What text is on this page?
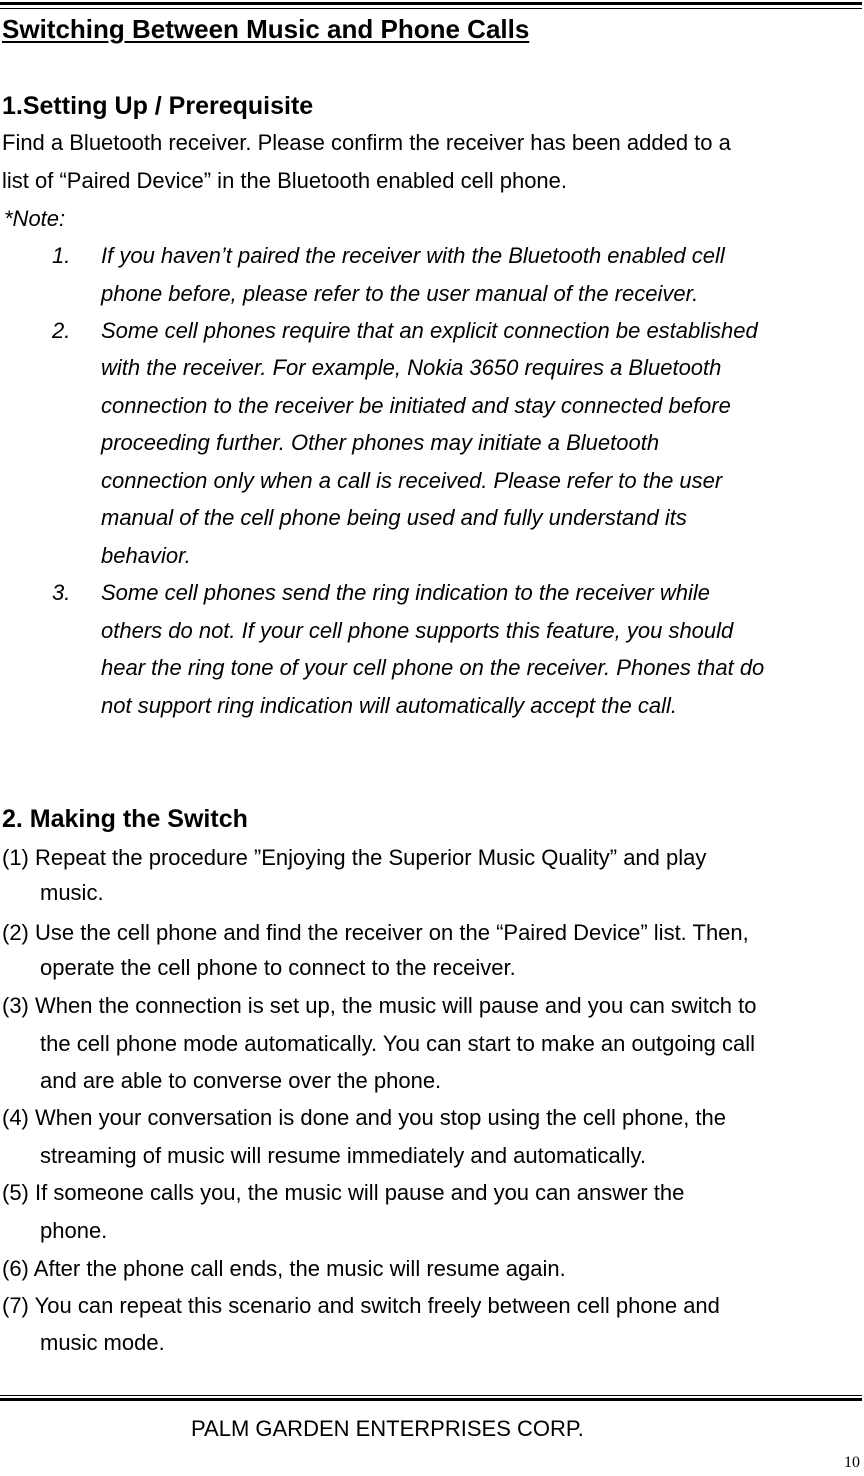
Switching Between Music and Phone Calls
1.Setting Up / Prerequisite
Find a Bluetooth receiver. Please confirm the receiver has been added to a
list of “Paired Device” in the Bluetooth enabled cell phone.
*Note:
1. If you haven’t paired the receiver with the Bluetooth enabled cell
phone before, please refer to the user manual of the receiver.
2. Some cell phones require that an explicit connection be established
with the receiver. For example, Nokia 3650 requires a Bluetooth
connection to the receiver be initiated and stay connected before
proceeding further. Other phones may initiate a Bluetooth
connection only when a call is received. Please refer to the user
manual of the cell phone being used and fully understand its
behavior.
3. Some cell phones send the ring indication to the receiver while
others do not. If your cell phone supports this feature, you should
hear the ring tone of your cell phone on the receiver. Phones that do
not support ring indication will automatically accept the call.
2. Making the Switch
(1) Repeat the procedure ”Enjoying the Superior Music Quality” and play
music.
(2) Use the cell phone and find the receiver on the “Paired Device” list. Then,
operate the cell phone to connect to the receiver.
(3) When the connection is set up, the music will pause and you can switch to
the cell phone mode automatically. You can start to make an outgoing call
and are able to converse over the phone.
(4) When your conversation is done and you stop using the cell phone, the
streaming of music will resume immediately and automatically.
(5) If someone calls you, the music will pause and you can answer the
phone.
(6) After the phone call ends, the music will resume again.
(7) You can repeat this scenario and switch freely between cell phone and
music mode.
PALM GARDEN ENTERPRISES CORP.
10
